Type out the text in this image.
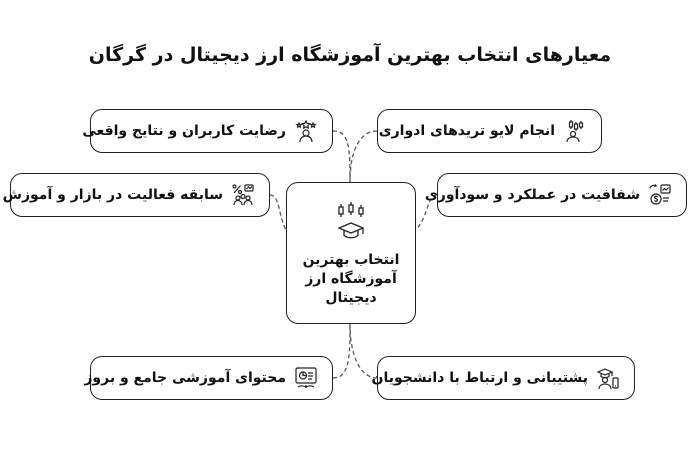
معیارهای انتخاب بهترین آموزشگاه ارز دیجیتال در گرگان
رضایت کاربران و نتایج واقعی
سابقه فعالیت در بازار و آموزش
محتوای آموزشی جامع و بروز
انجام لایو تریدهای ادواری
شفافیت در عملکرد و سودآوری
پشتیبانی و ارتباط با دانشجویان
انتخاب بهترین آموزشگاه ارز دیجیتال
